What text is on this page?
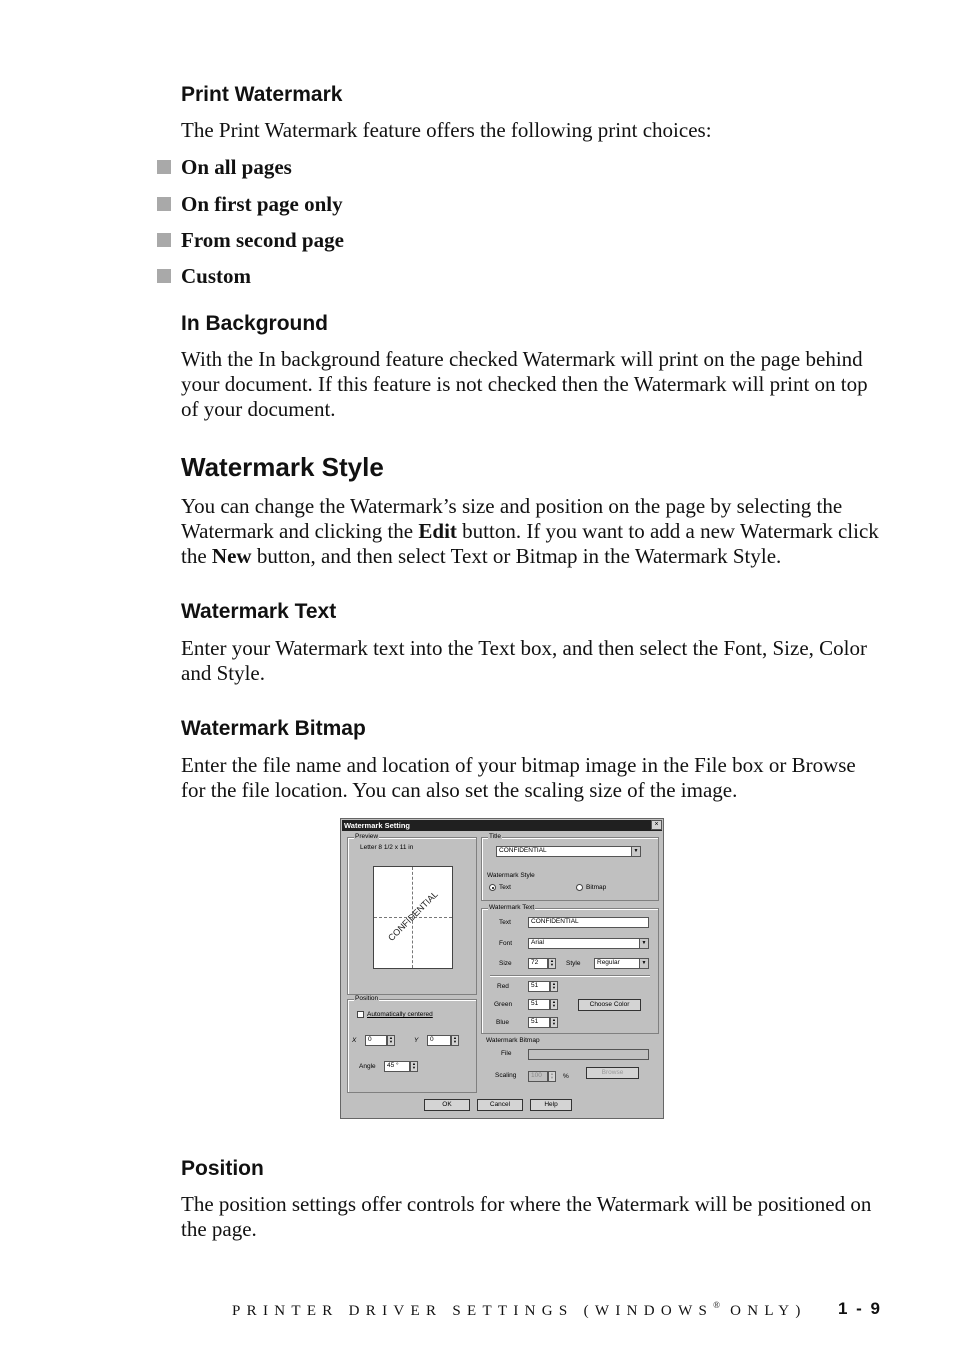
Print Watermark

The Print Watermark feature offers the following print choices:

On all pages
On first page only
From second page
Custom
In Background

With the In background feature checked Watermark will print on the page behind your document. If this feature is not checked then the Watermark will print on top of your document.

Watermark Style

You can change the Watermark’s size and position on the page by selecting the Watermark and clicking the Edit button. If you want to add a new Watermark click the New button, and then select Text or Bitmap in the Watermark Style.

Watermark Text

Enter your Watermark text into the Text box, and then select the Font, Size, Color and Style.

Watermark Bitmap

Enter the file name and location of your bitmap image in the File box or Browse for the file location. You can also set the scaling size of the image.

Watermark Setting	×
Preview
Letter 8 1/2 x 11 in
CONFIDENTIAL
Position
Automatically centered
X	0	▲
▼	Y	0	▲
▼
Angle	45 °	▲
▼
Title
CONFIDENTIAL	▼
Watermark Style
Text	Bitmap
Watermark Text
Text	CONFIDENTIAL
Font	Arial	▼
Size	72	▲
▼	Style	Regular	▼
Red	51	▲
▼
Green	51	▲
▼	Choose Color
Blue	51	▲
▼
Watermark Bitmap
File
Scaling	100	▲
▼	%
Browse
OK	Cancel	Help
Position

The position settings offer controls for where the Watermark will be positioned on the page.

PRINTER DRIVER SETTINGS (WINDOWS® ONLY) 1 - 9
